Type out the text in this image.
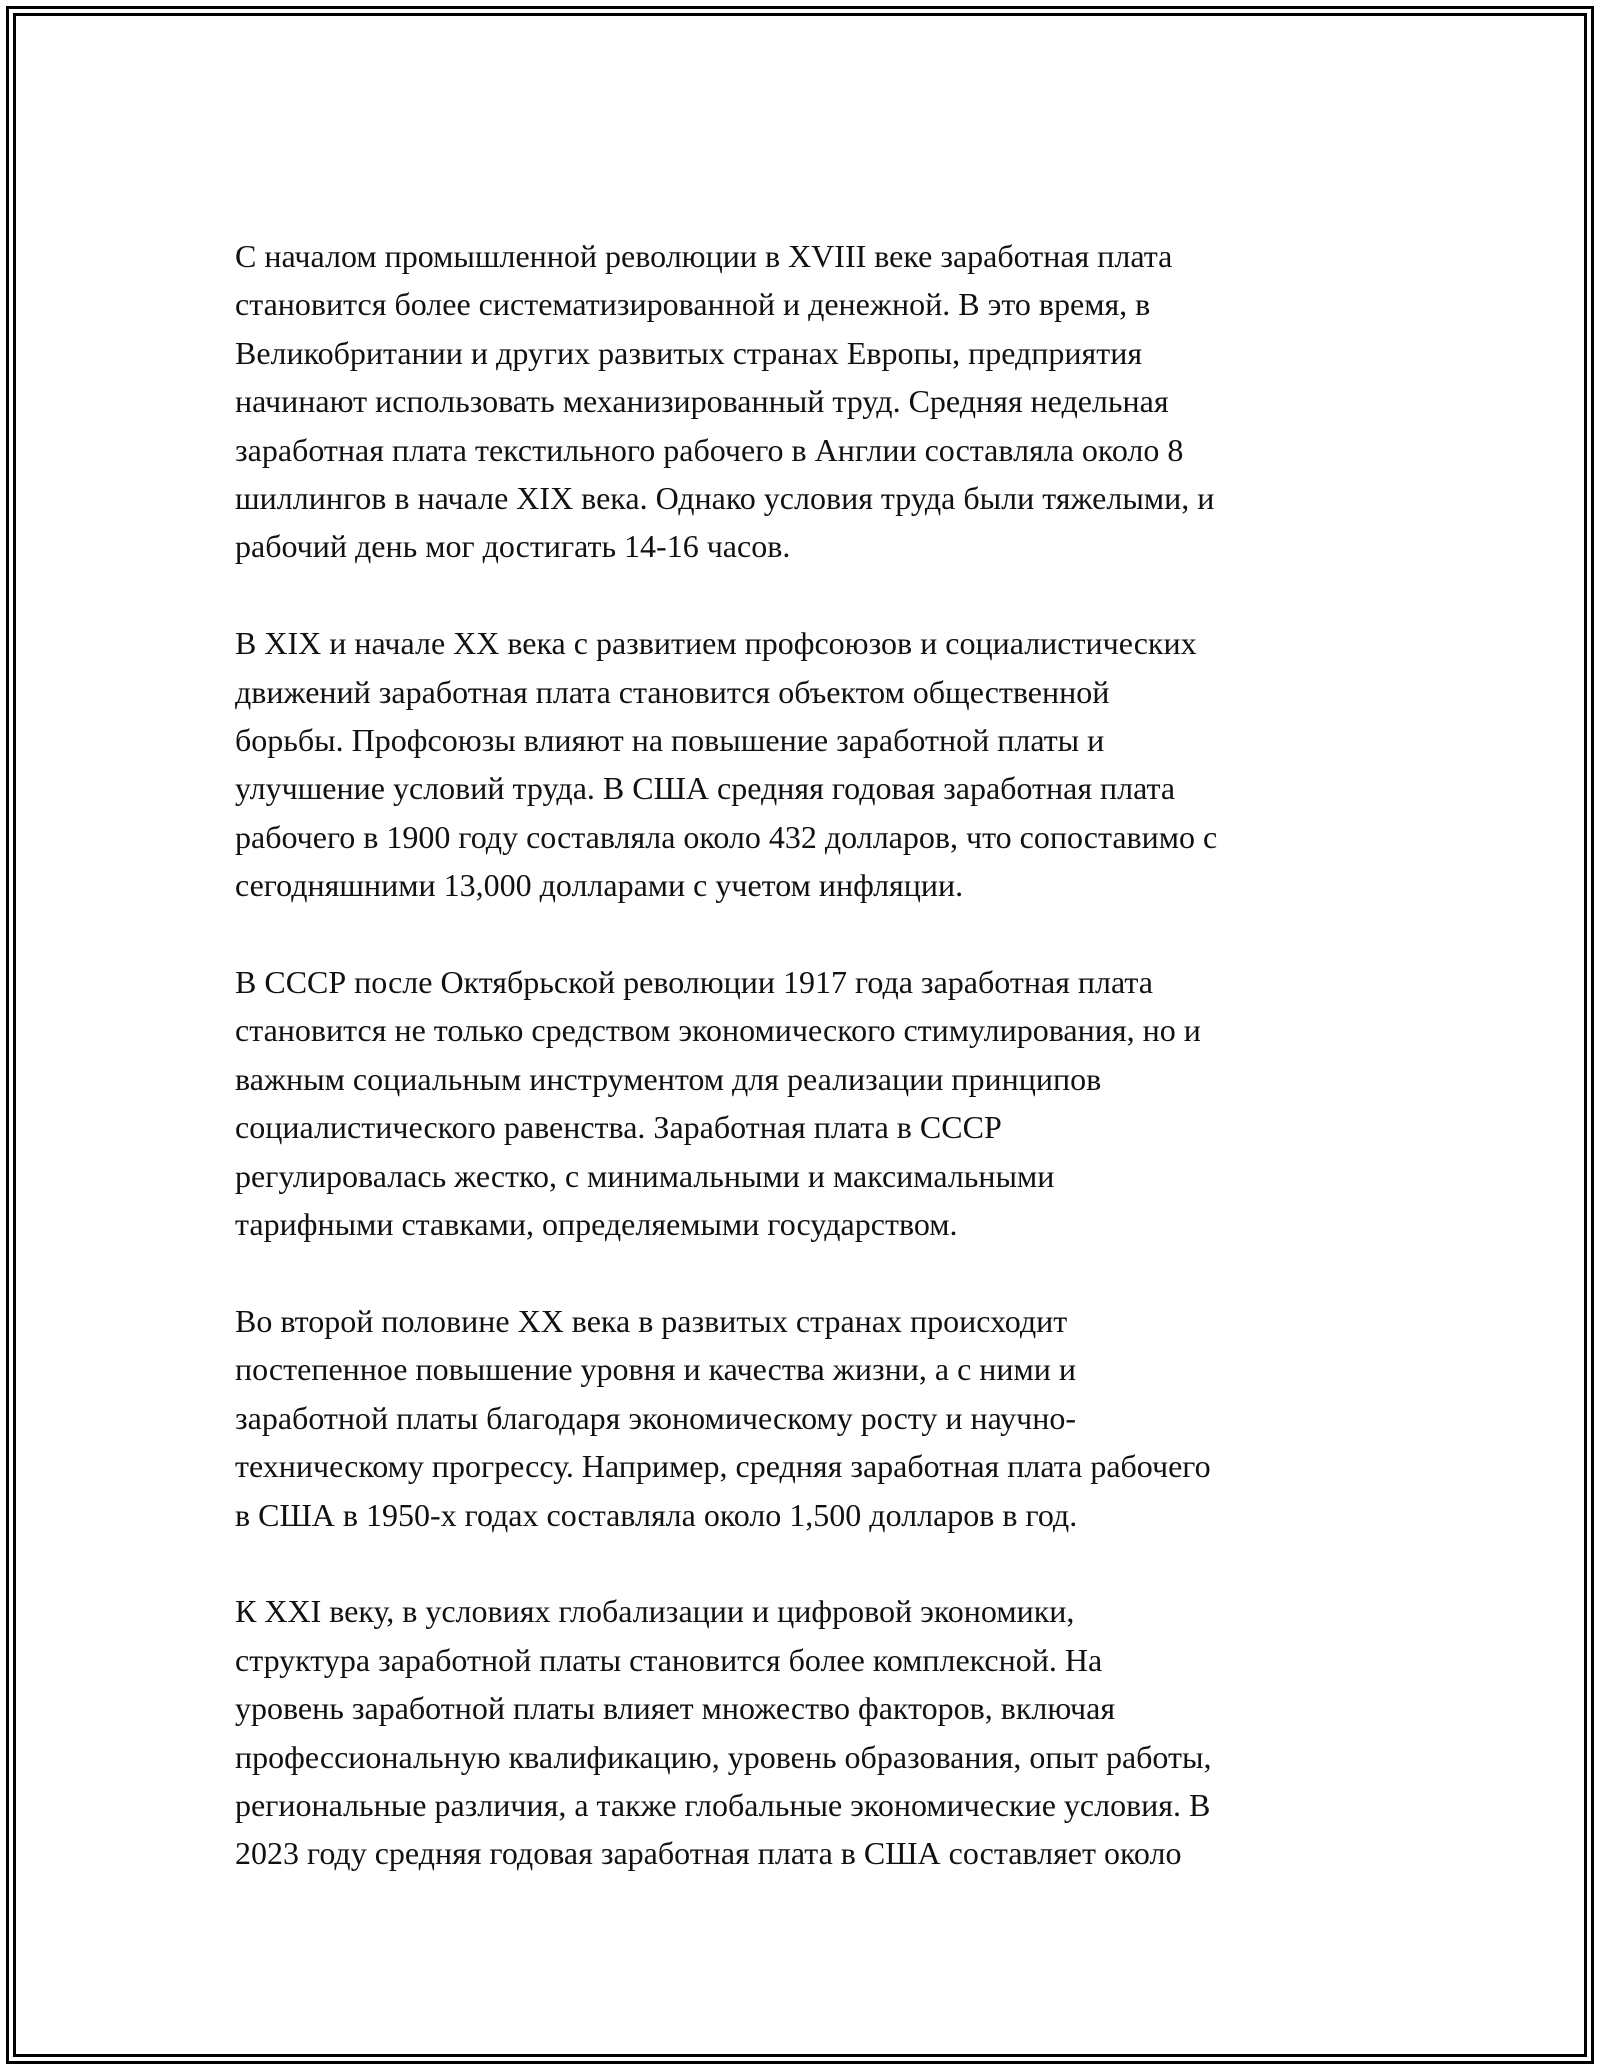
С началом промышленной революции в XVIII веке заработная плата
становится более систематизированной и денежной. В это время, в
Великобритании и других развитых странах Европы, предприятия
начинают использовать механизированный труд. Средняя недельная
заработная плата текстильного рабочего в Англии составляла около 8
шиллингов в начале XIX века. Однако условия труда были тяжелыми, и
рабочий день мог достигать 14-16 часов.

В XIX и начале XX века с развитием профсоюзов и социалистических
движений заработная плата становится объектом общественной
борьбы. Профсоюзы влияют на повышение заработной платы и
улучшение условий труда. В США средняя годовая заработная плата
рабочего в 1900 году составляла около 432 долларов, что сопоставимо с
сегодняшними 13,000 долларами с учетом инфляции.

В СССР после Октябрьской революции 1917 года заработная плата
становится не только средством экономического стимулирования, но и
важным социальным инструментом для реализации принципов
социалистического равенства. Заработная плата в СССР
регулировалась жестко, с минимальными и максимальными
тарифными ставками, определяемыми государством.

Во второй половине XX века в развитых странах происходит
постепенное повышение уровня и качества жизни, а с ними и
заработной платы благодаря экономическому росту и научно-
техническому прогрессу. Например, средняя заработная плата рабочего
в США в 1950-х годах составляла около 1,500 долларов в год.

К XXI веку, в условиях глобализации и цифровой экономики,
структура заработной платы становится более комплексной. На
уровень заработной платы влияет множество факторов, включая
профессиональную квалификацию, уровень образования, опыт работы,
региональные различия, а также глобальные экономические условия. В
2023 году средняя годовая заработная плата в США составляет около
